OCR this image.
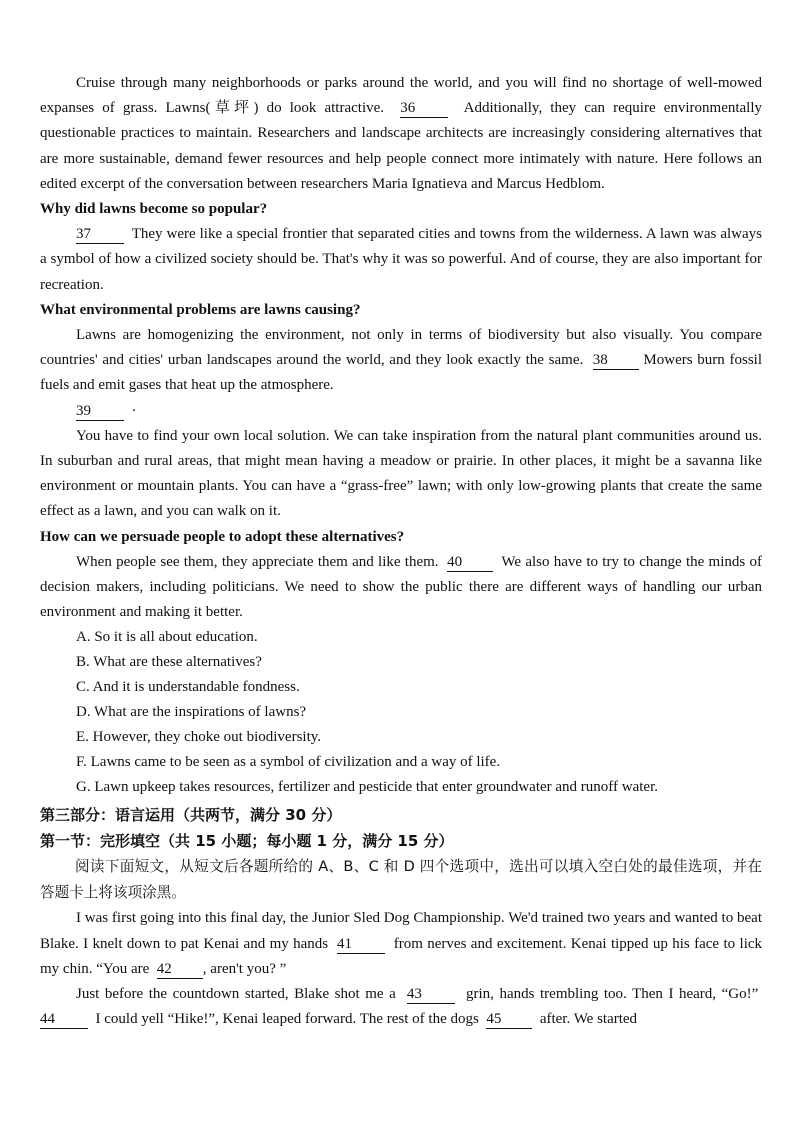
Cruise through many neighborhoods or parks around the world, and you will find no shortage of well-mowed expanses of grass. Lawns(草坪) do look attractive. 36	Additionally, they can require environmentally questionable practices to maintain. Researchers and landscape architects are increasingly considering alternatives that are more sustainable, demand fewer resources and help people connect more intimately with nature. Here follows an edited excerpt of the conversation between researchers Maria Ignatieva and Marcus Hedblom.

Why did lawns become so popular?

37	They were like a special frontier that separated cities and towns from the wilderness. A lawn was always a symbol of how a civilized society should be. That's why it was so powerful. And of course, they are also important for recreation.

What environmental problems are lawns causing?

Lawns are homogenizing the environment, not only in terms of biodiversity but also visually. You compare countries' and cities' urban landscapes around the world, and they look exactly the same. 38 Mowers burn fossil fuels and emit gases that heat up the atmosphere.

39	·

You have to find your own local solution. We can take inspiration from the natural plant communities around us. In suburban and rural areas, that might mean having a meadow or prairie. In other places, it might be a savanna like environment or mountain plants. You can have a “grass-free” lawn; with only low-growing plants that create the same effect as a lawn, and you can walk on it.

How can we persuade people to adopt these alternatives?

When people see them, they appreciate them and like them. 40	We also have to try to change the minds of decision makers, including politicians. We need to show the public there are different ways of handling our urban environment and making it better.

A. So it is all about education.

B. What are these alternatives?

C. And it is understandable fondness.

D. What are the inspirations of lawns?

E. However, they choke out biodiversity.

F. Lawns came to be seen as a symbol of civilization and a way of life.

G. Lawn upkeep takes resources, fertilizer and pesticide that enter groundwater and runoff water.

第三部分：语言运用（共两节，满分 30 分）

第一节：完形填空（共 15 小题；每小题 1 分，满分 15 分）

阅读下面短文，从短文后各题所给的 A、B、C 和 D 四个选项中，选出可以填入空白处的最佳选项，并在答题卡上将该项涂黑。

I was first going into this final day, the Junior Sled Dog Championship. We'd trained two years and wanted to beat Blake. I knelt down to pat Kenai and my hands 41	from nerves and excitement. Kenai tipped up his face to lick my chin. “You are 42 , aren't you? ”

Just before the countdown started, Blake shot me a 43	grin, hands trembling too. Then I heard, “Go!”  44	I could yell “Hike!”, Kenai leaped forward. The rest of the dogs 45	after. We started
